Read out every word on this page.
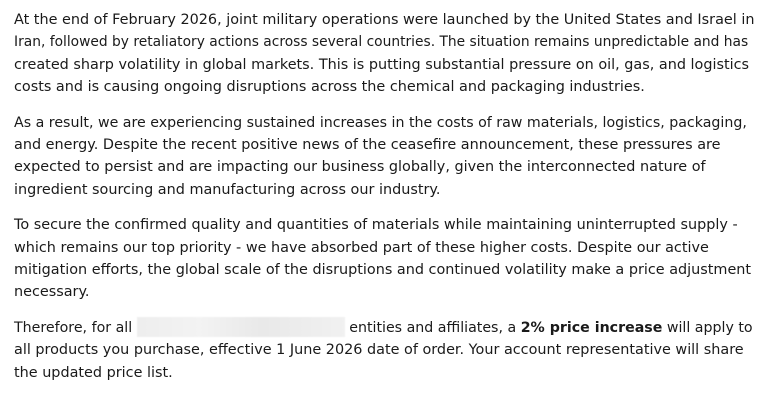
At the end of February 2026, joint military operations were launched by the United States and Israel in
Iran, followed by retaliatory actions across several countries. The situation remains unpredictable and has
created sharp volatility in global markets. This is putting substantial pressure on oil, gas, and logistics
costs and is causing ongoing disruptions across the chemical and packaging industries.
As a result, we are experiencing sustained increases in the costs of raw materials, logistics, packaging,
and energy. Despite the recent positive news of the ceasefire announcement, these pressures are
expected to persist and are impacting our business globally, given the interconnected nature of
ingredient sourcing and manufacturing across our industry.
To secure the confirmed quality and quantities of materials while maintaining uninterrupted supply -
which remains our top priority - we have absorbed part of these higher costs. Despite our active
mitigation efforts, the global scale of the disruptions and continued volatility make a price adjustment
necessary.
Therefore, for all	entities and affiliates, a 2% price increase will apply to
all products you purchase, effective 1 June 2026 date of order. Your account representative will share
the updated price list.
